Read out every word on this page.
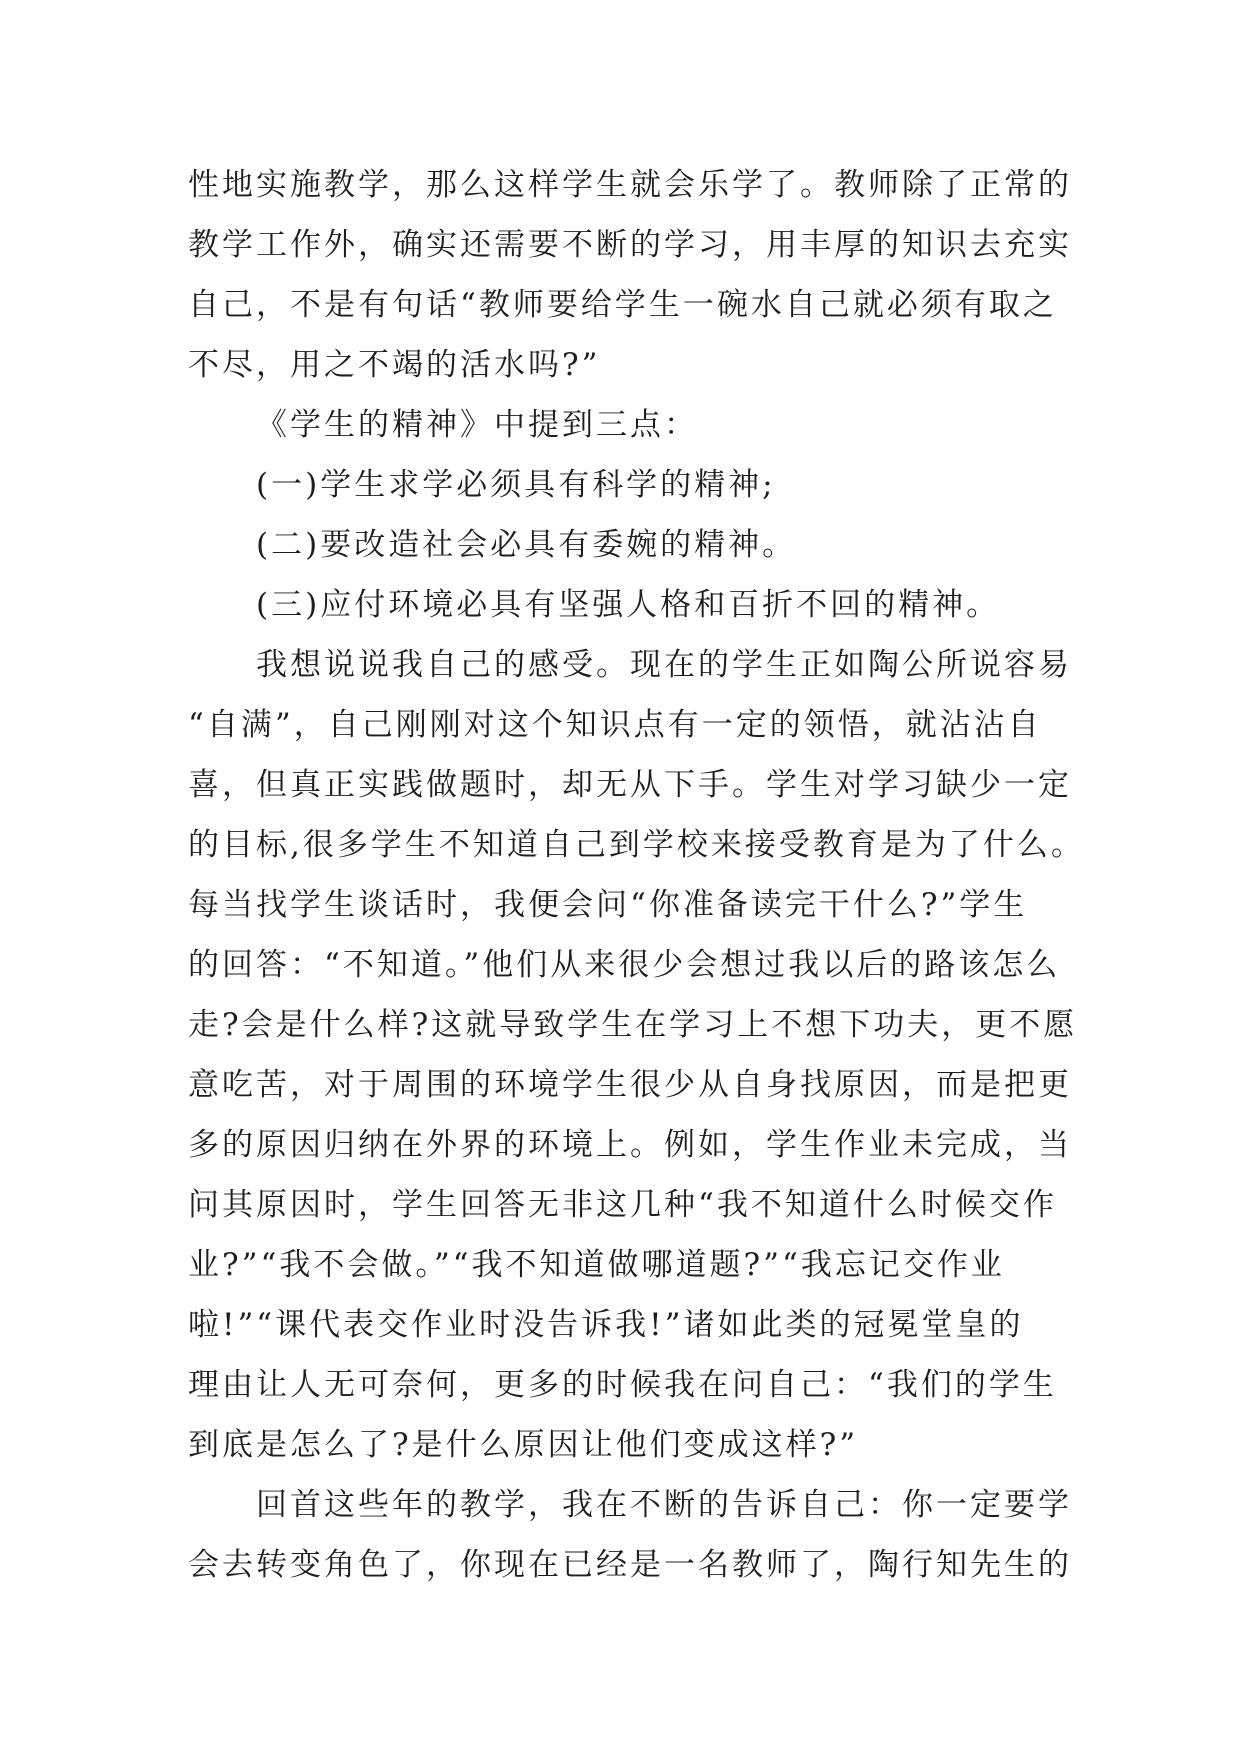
性地实施教学，那么这样学生就会乐学了。教师除了正常的
教学工作外，确实还需要不断的学习，用丰厚的知识去充实
自己，不是有句话“教师要给学生一碗水自己就必须有取之
不尽，用之不竭的活水吗?”
《学生的精神》中提到三点：
(一)学生求学必须具有科学的精神;
(二)要改造社会必具有委婉的精神。
(三)应付环境必具有坚强人格和百折不回的精神。
我想说说我自己的感受。现在的学生正如陶公所说容易
“自满”，自己刚刚对这个知识点有一定的领悟，就沾沾自
喜，但真正实践做题时，却无从下手。学生对学习缺少一定
的目标,很多学生不知道自己到学校来接受教育是为了什么。
每当找学生谈话时，我便会问“你准备读完干什么?”学生
的回答：“不知道。”他们从来很少会想过我以后的路该怎么
走?会是什么样?这就导致学生在学习上不想下功夫，更不愿
意吃苦，对于周围的环境学生很少从自身找原因，而是把更
多的原因归纳在外界的环境上。例如，学生作业未完成，当
问其原因时，学生回答无非这几种“我不知道什么时候交作
业?”“我不会做。”“我不知道做哪道题?”“我忘记交作业
啦!”“课代表交作业时没告诉我!”诸如此类的冠冕堂皇的
理由让人无可奈何，更多的时候我在问自己：“我们的学生
到底是怎么了?是什么原因让他们变成这样?”
回首这些年的教学，我在不断的告诉自己：你一定要学
会去转变角色了，你现在已经是一名教师了，陶行知先生的
